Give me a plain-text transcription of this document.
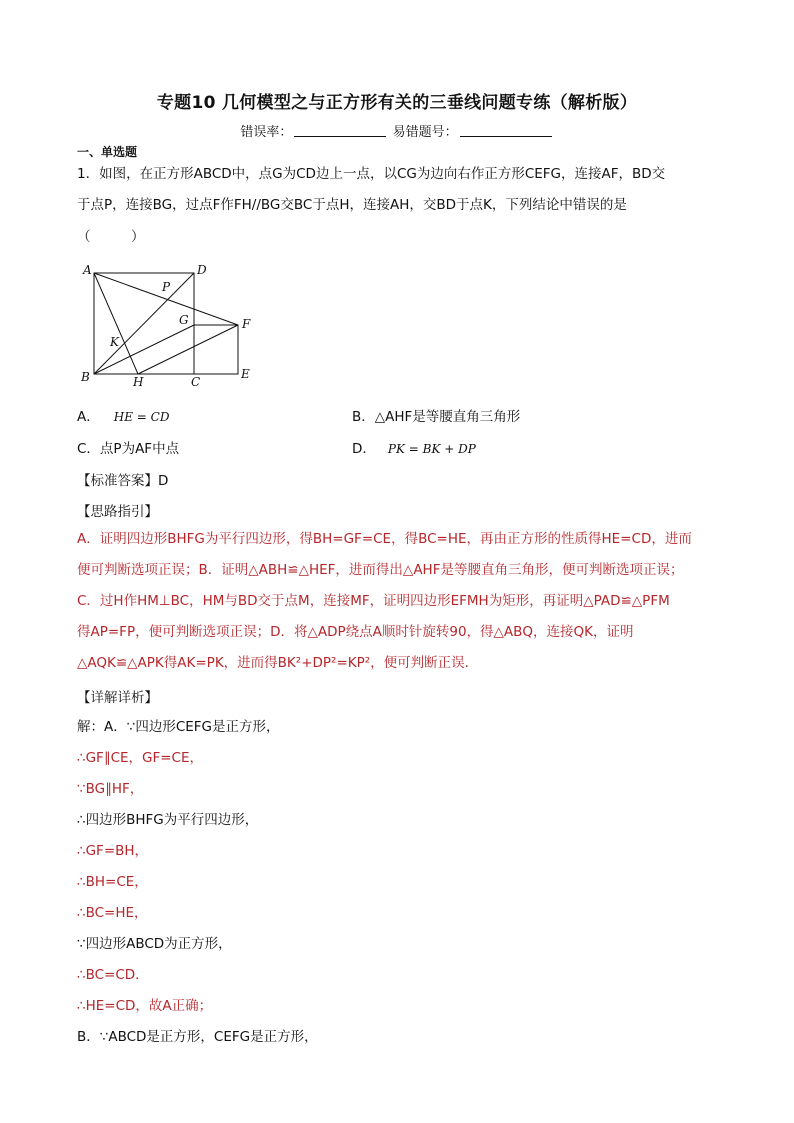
专题10 几何模型之与正方形有关的三垂线问题专练（解析版）
错误率：	易错题号：
一、单选题
1．如图，在正方形ABCD中，点G为CD边上一点，以CG为边向右作正方形CEFG，连接AF，BD交
于点P，连接BG，过点F作FH//BG交BC于点H，连接AH，交BD于点K，下列结论中错误的是
（　　　）
A	D
P
G	F
K
B	H	C
E
A． HE = CD	B．△AHF是等腰直角三角形
C．点P为AF中点	D． PK = BK + DP
【标准答案】D
【思路指引】
A．证明四边形BHFG为平行四边形，得BH=GF=CE，得BC=HE，再由正方形的性质得HE=CD，进而
便可判断选项正误；B．证明△ABH≌△HEF，进而得出△AHF是等腰直角三角形，便可判断选项正误；
C．过H作HM⊥BC，HM与BD交于点M，连接MF，证明四边形EFMH为矩形，再证明△PAD≌△PFM
得AP=FP，便可判断选项正误；D．将△ADP绕点A顺时针旋转90，得△ABQ，连接QK，证明
△AQK≌△APK得AK=PK，进而得BK²+DP²=KP²，便可判断正误．
【详解详析】
解：A．∵四边形CEFG是正方形，
∴GF∥CE，GF=CE，
∵BG∥HF，
∴四边形BHFG为平行四边形，
∴GF=BH，
∴BH=CE，
∴BC=HE，
∵四边形ABCD为正方形，
∴BC=CD．
∴HE=CD，故A正确；
B．∵ABCD是正方形，CEFG是正方形，
